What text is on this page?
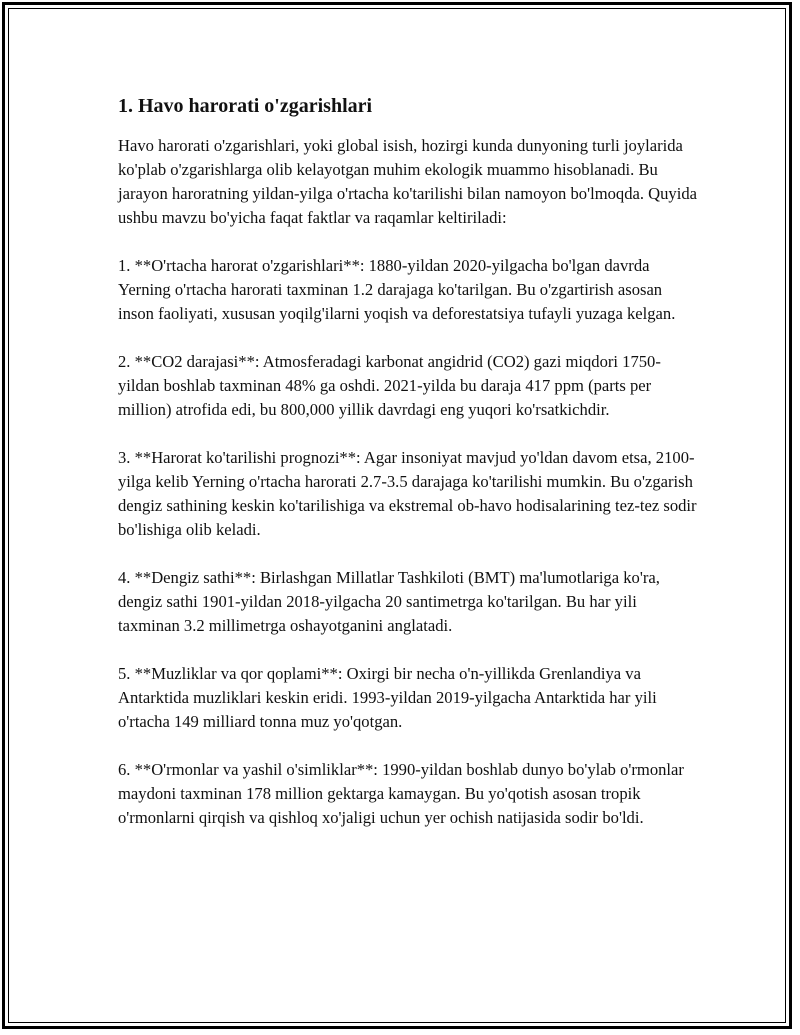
1. Havo harorati o'zgarishlari

Havo harorati o'zgarishlari, yoki global isish, hozirgi kunda dunyoning turli joylarida ko'plab o'zgarishlarga olib kelayotgan muhim ekologik muammo hisoblanadi. Bu jarayon haroratning yildan-yilga o'rtacha ko'tarilishi bilan namoyon bo'lmoqda. Quyida ushbu mavzu bo'yicha faqat faktlar va raqamlar keltiriladi:

1. **O'rtacha harorat o'zgarishlari**: 1880-yildan 2020-yilgacha bo'lgan davrda Yerning o'rtacha harorati taxminan 1.2 darajaga ko'tarilgan. Bu o'zgartirish asosan inson faoliyati, xususan yoqilg'ilarni yoqish va deforestatsiya tufayli yuzaga kelgan.

2. **CO2 darajasi**: Atmosferadagi karbonat angidrid (CO2) gazi miqdori 1750-yildan boshlab taxminan 48% ga oshdi. 2021-yilda bu daraja 417 ppm (parts per million) atrofida edi, bu 800,000 yillik davrdagi eng yuqori ko'rsatkichdir.

3. **Harorat ko'tarilishi prognozi**: Agar insoniyat mavjud yo'ldan davom etsa, 2100-yilga kelib Yerning o'rtacha harorati 2.7-3.5 darajaga ko'tarilishi mumkin. Bu o'zgarish dengiz sathining keskin ko'tarilishiga va ekstremal ob-havo hodisalarining tez-tez sodir bo'lishiga olib keladi.

4. **Dengiz sathi**: Birlashgan Millatlar Tashkiloti (BMT) ma'lumotlariga ko'ra, dengiz sathi 1901-yildan 2018-yilgacha 20 santimetrga ko'tarilgan. Bu har yili taxminan 3.2 millimetrga oshayotganini anglatadi.

5. **Muzliklar va qor qoplami**: Oxirgi bir necha o'n-yillikda Grenlandiya va Antarktida muzliklari keskin eridi. 1993-yildan 2019-yilgacha Antarktida har yili o'rtacha 149 milliard tonna muz yo'qotgan.

6. **O'rmonlar va yashil o'simliklar**: 1990-yildan boshlab dunyo bo'ylab o'rmonlar maydoni taxminan 178 million gektarga kamaygan. Bu yo'qotish asosan tropik o'rmonlarni qirqish va qishloq xo'jaligi uchun yer ochish natijasida sodir bo'ldi.
